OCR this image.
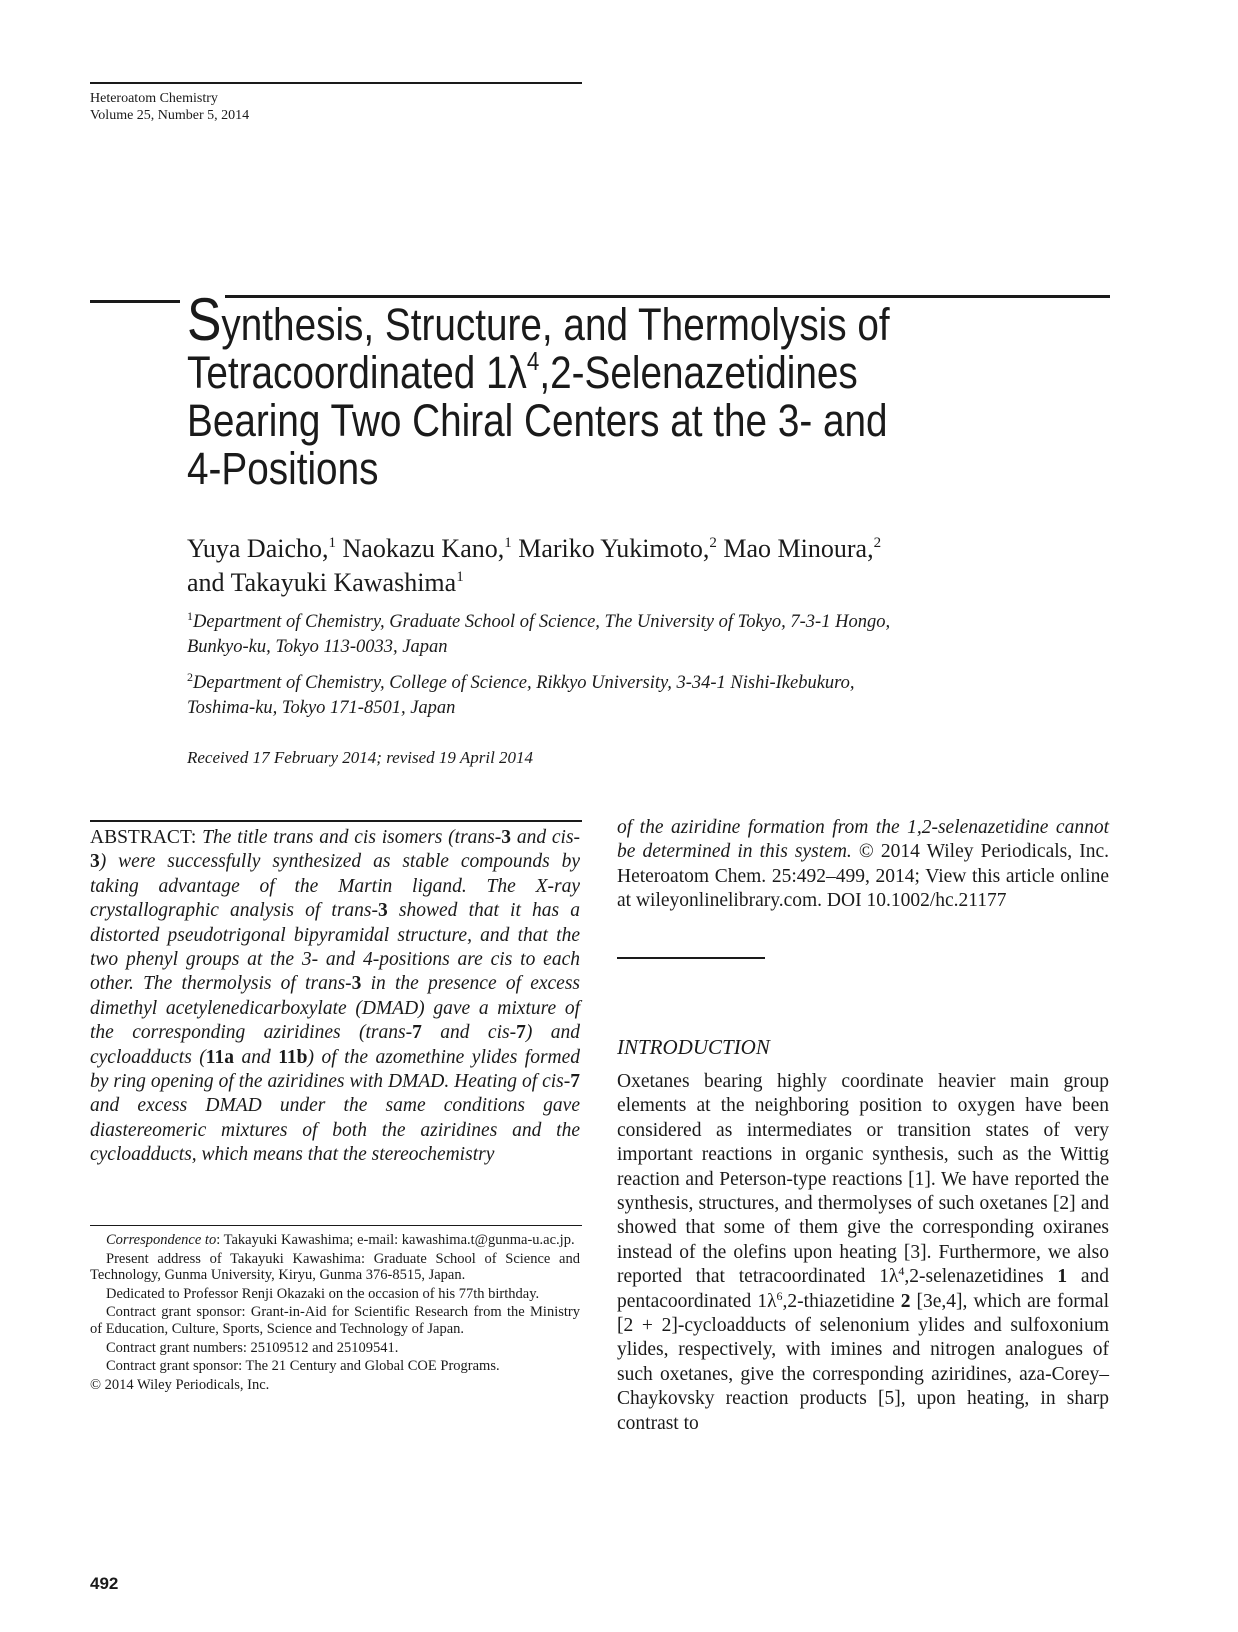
Heteroatom Chemistry
Volume 25, Number 5, 2014
Synthesis, Structure, and Thermolysis of
Tetracoordinated $1\lambda^4,2$-Selenazetidines
Bearing Two Chiral Centers at the 3- and
4-Positions
Yuya Daicho,$^1$ Naokazu Kano,$^1$ Mariko Yukimoto,$^2$ Mao Minoura,$^2$
and Takayuki Kawashima$^1$
$^1$Department of Chemistry, Graduate School of Science, The University of Tokyo, 7-3-1 Hongo,
Bunkyo-ku, Tokyo 113-0033, Japan
$^2$Department of Chemistry, College of Science, Rikkyo University, 3-34-1 Nishi-Ikebukuro,
Toshima-ku, Tokyo 171-8501, Japan
Received 17 February 2014; revised 19 April 2014
ABSTRACT: The title trans and cis isomers (trans-3 and cis-3) were successfully synthesized as stable compounds by taking advantage of the Martin ligand. The X-ray crystallographic analysis of trans-3 showed that it has a distorted pseudotrigonal bipyramidal structure, and that the two phenyl groups at the 3- and 4-positions are cis to each other. The thermolysis of trans-3 in the presence of excess dimethyl acetylenedicarboxylate (DMAD) gave a mixture of the corresponding aziridines (trans-7 and cis-7) and cycloadducts (11a and 11b) of the azomethine ylides formed by ring opening of the aziridines with DMAD. Heating of cis-7 and excess DMAD under the same conditions gave diastereomeric mixtures of both the aziridines and the cycloadducts, which means that the stereochemistry
of the aziridine formation from the 1,2-selenazetidine cannot be determined in this system. © 2014 Wiley Periodicals, Inc. Heteroatom Chem. 25:492–499, 2014; View this article online at wileyonlinelibrary.com. DOI 10.1002/hc.21177
INTRODUCTION
Oxetanes bearing highly coordinate heavier main group elements at the neighboring position to oxygen have been considered as intermediates or transition states of very important reactions in organic synthesis, such as the Wittig reaction and Peterson-type reactions [1]. We have reported the synthesis, structures, and thermolyses of such oxetanes [2] and showed that some of them give the corresponding oxiranes instead of the olefins upon heating [3]. Furthermore, we also reported that tetracoordinated $1\lambda^4,2$-selenazetidines 1 and pentacoordinated $1\lambda^6,2$-thiazetidine 2 [3e,4], which are formal [2 + 2]-cycloadducts of selenonium ylides and sulfoxonium ylides, respectively, with imines and nitrogen analogues of such oxetanes, give the corresponding aziridines, aza-Corey–Chaykovsky reaction products [5], upon heating, in sharp contrast to

Correspondence to: Takayuki Kawashima; e-mail: kawashima.t@gunma-u.ac.jp.

Present address of Takayuki Kawashima: Graduate School of Science and Technology, Gunma University, Kiryu, Gunma 376-8515, Japan.

Dedicated to Professor Renji Okazaki on the occasion of his 77th birthday.

Contract grant sponsor: Grant-in-Aid for Scientific Research from the Ministry of Education, Culture, Sports, Science and Technology of Japan.

Contract grant numbers: 25109512 and 25109541.

Contract grant sponsor: The 21 Century and Global COE Programs.

© 2014 Wiley Periodicals, Inc.

492
